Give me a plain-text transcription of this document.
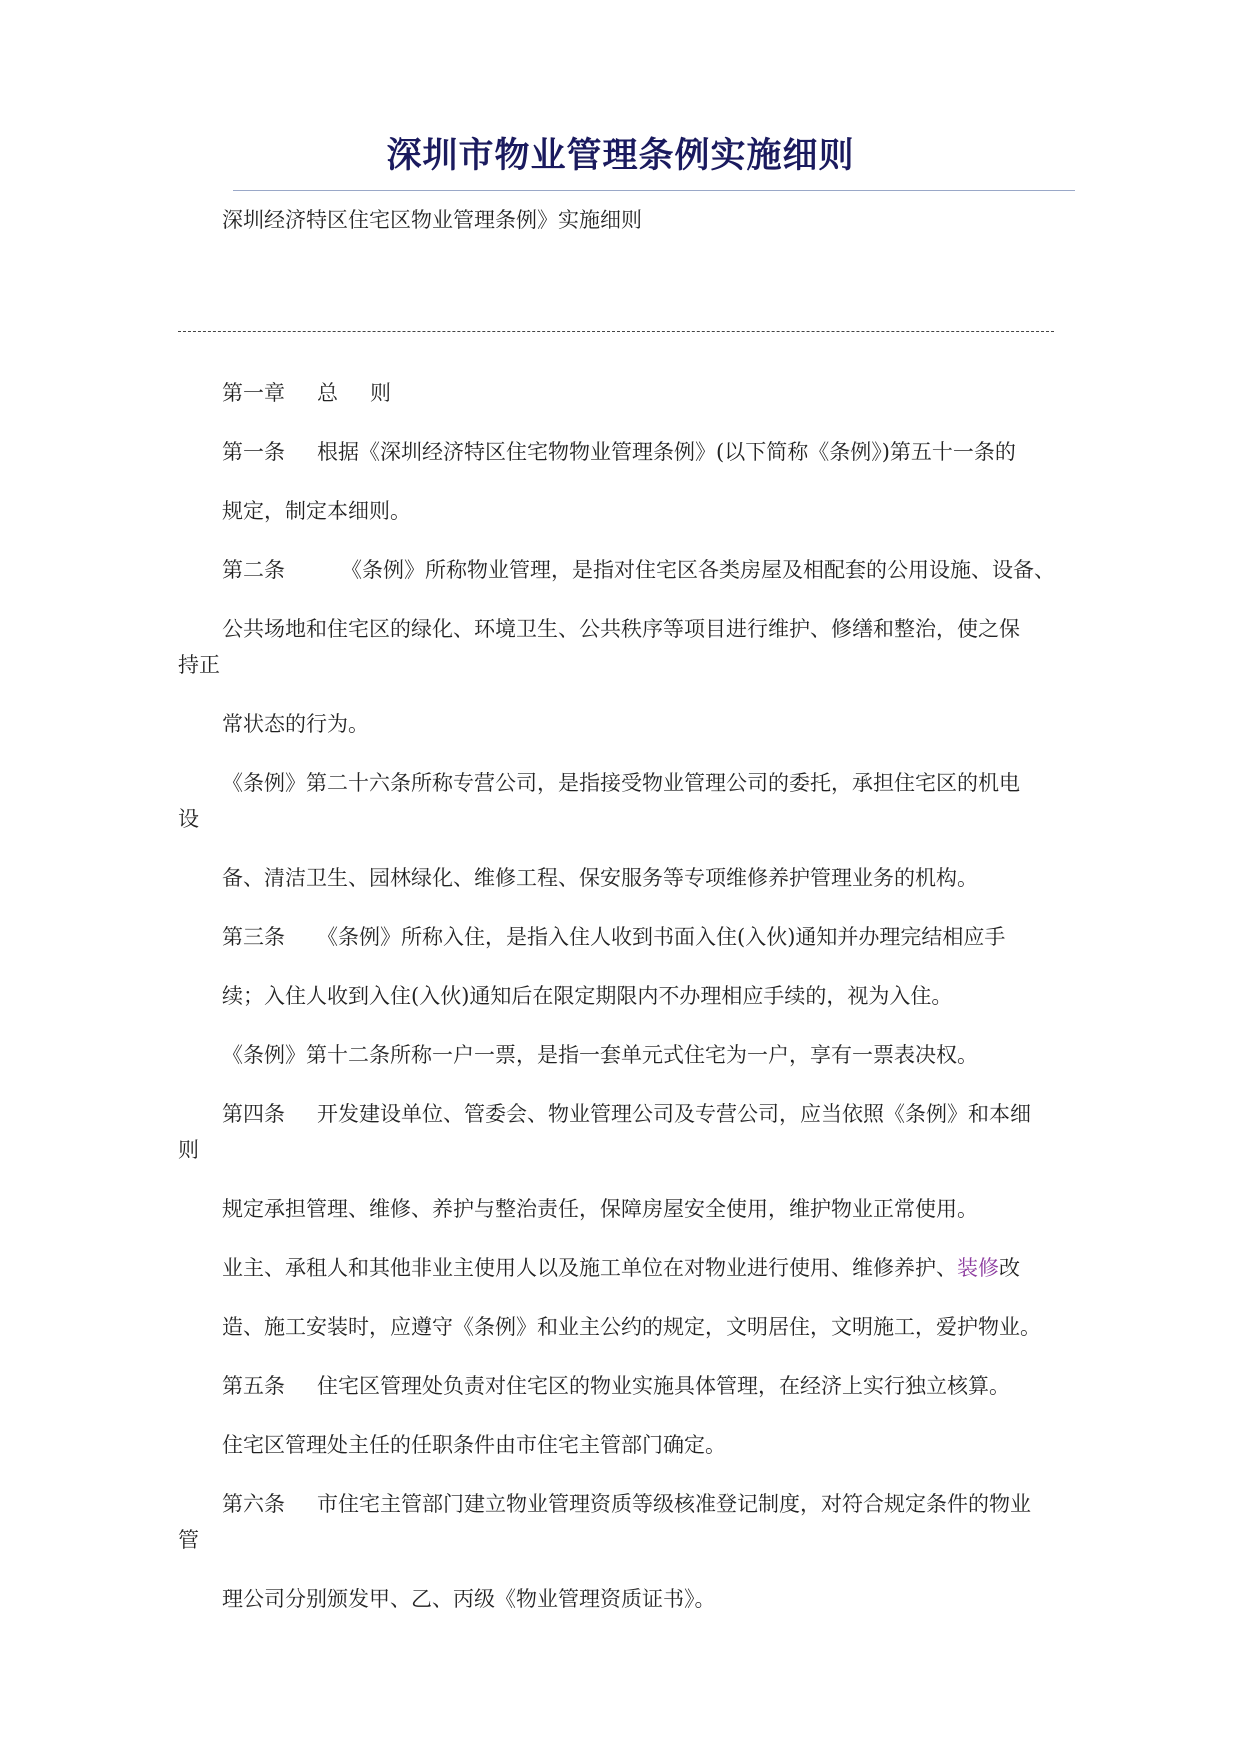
深圳市物业管理条例实施细则
深圳经济特区住宅区物业管理条例》实施细则
第一章 总 则
第一条 根据《深圳经济特区住宅物物业管理条例》(以下简称《条例》)第五十一条的
规定，制定本细则。
第二条	《条例》所称物业管理，是指对住宅区各类房屋及相配套的公用设施、设备、
公共场地和住宅区的绿化、环境卫生、公共秩序等项目进行维护、修缮和整治，使之保
持正
常状态的行为。
《条例》第二十六条所称专营公司，是指接受物业管理公司的委托，承担住宅区的机电
设
备、清洁卫生、园林绿化、维修工程、保安服务等专项维修养护管理业务的机构。
第三条 《条例》所称入住，是指入住人收到书面入住(入伙)通知并办理完结相应手
续；入住人收到入住(入伙)通知后在限定期限内不办理相应手续的，视为入住。
《条例》第十二条所称一户一票，是指一套单元式住宅为一户，享有一票表决权。
第四条 开发建设单位、管委会、物业管理公司及专营公司，应当依照《条例》和本细
则
规定承担管理、维修、养护与整治责任，保障房屋安全使用，维护物业正常使用。
业主、承租人和其他非业主使用人以及施工单位在对物业进行使用、维修养护、装修改
造、施工安装时，应遵守《条例》和业主公约的规定，文明居住，文明施工，爱护物业。
第五条 住宅区管理处负责对住宅区的物业实施具体管理，在经济上实行独立核算。
住宅区管理处主任的任职条件由市住宅主管部门确定。
第六条 市住宅主管部门建立物业管理资质等级核准登记制度，对符合规定条件的物业
管
理公司分别颁发甲、乙、丙级《物业管理资质证书》。
